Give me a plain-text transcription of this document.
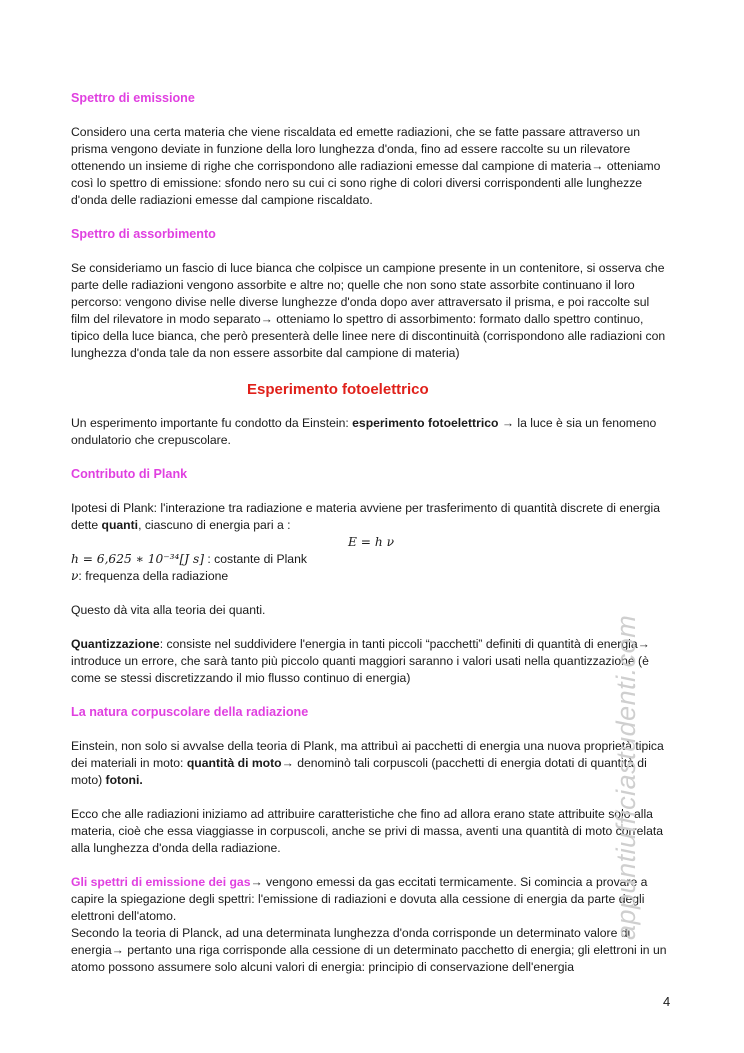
Spettro di emissione

Considero una certa materia che viene riscaldata ed emette radiazioni, che se fatte passare attraverso un prisma vengono deviate in funzione della loro lunghezza d'onda, fino ad essere raccolte su un rilevatore ottenendo un insieme di righe che corrispondono alle radiazioni emesse dal campione di materia→ otteniamo così lo spettro di emissione: sfondo nero su cui ci sono righe di colori diversi corrispondenti alle lunghezze d'onda delle radiazioni emesse dal campione riscaldato.

Spettro di assorbimento

Se consideriamo un fascio di luce bianca che colpisce un campione presente in un contenitore, si osserva che parte delle radiazioni vengono assorbite e altre no; quelle che non sono state assorbite continuano il loro percorso: vengono divise nelle diverse lunghezze d'onda dopo aver attraversato il prisma, e poi raccolte sul film del rilevatore in modo separato→ otteniamo lo spettro di assorbimento: formato dallo spettro continuo, tipico della luce bianca, che però presenterà delle linee nere di discontinuità (corrispondono alle radiazioni con lunghezza d'onda tale da non essere assorbite dal campione di materia)

Esperimento fotoelettrico

Un esperimento importante fu condotto da Einstein: esperimento fotoelettrico → la luce è sia un fenomeno ondulatorio che crepuscolare.

Contributo di Plank

Ipotesi di Plank: l'interazione tra radiazione e materia avviene per trasferimento di quantità discrete di energia dette quanti, ciascuno di energia pari a :

E = h ν

h = 6,625 ∗ 10⁻³⁴[J s] : costante di Plank

ν: frequenza della radiazione

Questo dà vita alla teoria dei quanti.

Quantizzazione: consiste nel suddividere l'energia in tanti piccoli “pacchetti” definiti di quantità di energia→ introduce un errore, che sarà tanto più piccolo quanti maggiori saranno i valori usati nella quantizzazione (è come se stessi discretizzando il mio flusso continuo di energia)

La natura corpuscolare della radiazione

Einstein, non solo si avvalse della teoria di Plank, ma attribuì ai pacchetti di energia una nuova proprietà tipica dei materiali in moto: quantità di moto→ denominò tali corpuscoli (pacchetti di energia dotati di quantità di moto) fotoni.

Ecco che alle radiazioni iniziamo ad attribuire caratteristiche che fino ad allora erano state attribuite solo alla materia, cioè che essa viaggiasse in corpuscoli, anche se privi di massa, aventi una quantità di moto correlata alla lunghezza d'onda della radiazione.

Gli spettri di emissione dei gas→ vengono emessi da gas eccitati termicamente. Si comincia a provare a capire la spiegazione degli spettri: l'emissione di radiazioni e dovuta alla cessione di energia da parte degli elettroni dell'atomo.

Secondo la teoria di Planck, ad una determinata lunghezza d'onda corrisponde un determinato valore di energia→ pertanto una riga corrisponde alla cessione di un determinato pacchetto di energia; gli elettroni in un atomo possono assumere solo alcuni valori di energia: principio di conservazione dell'energia

appuntiufficiastudenti.com
4
